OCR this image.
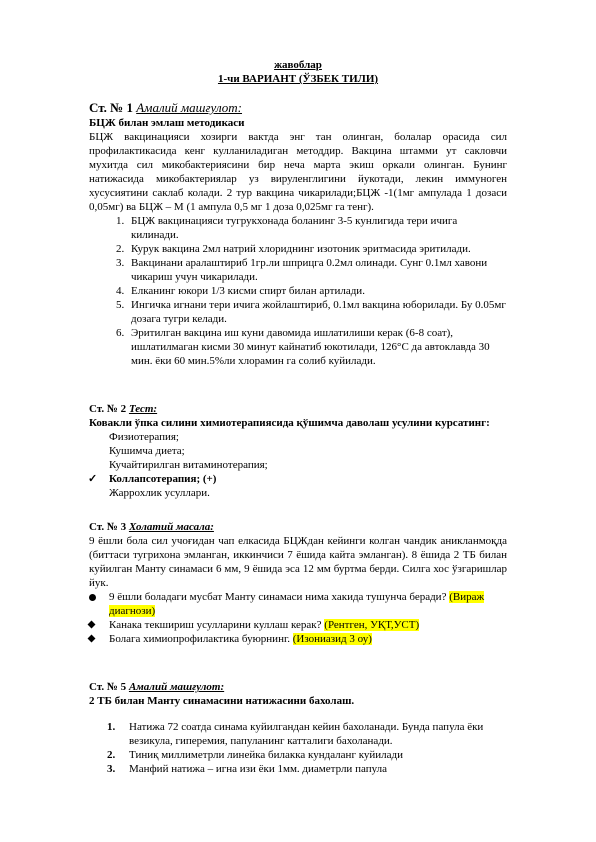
жавоблар
1-чи ВАРИАНТ (ЎЗБЕК ТИЛИ)
Ст. № 1 Амалий машғулот:
БЦЖ билан эмлаш методикаси
БЦЖ вакцинацияси хозирги вактда энг тан олинган, болалар орасида сил профилактикасида кенг кулланиладиган методдир. Вакцина штамми ут сакловчи мухитда сил микобактериясини бир неча марта экиш оркали олинган. Бунинг натижасида микобактериялар уз вируленглигини йукотади, лекин иммуноген хусусиятини саклаб колади. 2 тур вакцина чикарилади;БЦЖ -1(1мг ампулада 1 дозаси 0,05мг) ва БЦЖ – М (1 ампула 0,5 мг 1 доза 0,025мг га тенг).
1. БЦЖ вакцинацияси тугрукхонада боланинг 3-5 кунлигида тери ичига килинади.
2. Курук вакцина 2мл натрий хлориднинг изотоник эритмасида эритилади.
3. Вакцинани аралаштириб 1гр.ли шприцга 0.2мл олинади. Сунг 0.1мл хавони чикариш учун чикарилади.
4. Елканинг юкори 1/3 кисми спирт билан артилади.
5. Ингичка игнани тери ичига жойлаштириб, 0.1мл вакцина юборилади. Бу 0.05мг дозага тугри келади.
6. Эритилган вакцина иш куни давомида ишлатилиши керак (6-8 соат), ишлатилмаган кисми 30 минут кайнатиб юкотилади, 126°С да автоклавда 30 мин. ёки 60 мин.5%ли хлорамин га солиб куйилади.
Ст. № 2 Тест:
Ковакли ўпка силини химиотерапиясида қўшимча даволаш усулини курсатинг:
Физиотерапия;
Кушимча диета;
Кучайтирилган витаминотерапия;
✓ Коллапсотерапия; (+)
Жаррохлик усуллари.
Ст. № 3 Холатий масала:
9 ёшли бола сил учоғидан чап елкасида БЦЖдан кейинги колган чандик аникланмоқда (биттаси тугрихона эмланган, иккинчиси 7 ёшида кайта эмланган). 8 ёшида 2 ТБ билан куйилган Манту синамаси 6 мм, 9 ёшида эса 12 мм буртма берди. Силга хос ўзгаришлар йук.
9 ёшли боладаги мусбат Манту синамаси нима хакида тушунча беради? (Вираж диагнози)
Канака текшириш усулларини куллаш керак? (Рентген, УҚТ,УСТ)
Болага химиопрофилактика буюрнинг. (Изониазид 3 оу)
Ст. № 5 Амалий машғулот:
2 ТБ билан Манту синамасини натижасини бахолаш.
1. Натижа 72 соатда синама куйилгандан кейин бахоланади. Бунда папула ёки везикула, гиперемия, папуланинг катталиги бахоланади.
2. Тиниқ миллиметрли линейка билакка кундаланг куйилади
3. Манфий натижа – игна изи ёки 1мм. диаметрли папула
